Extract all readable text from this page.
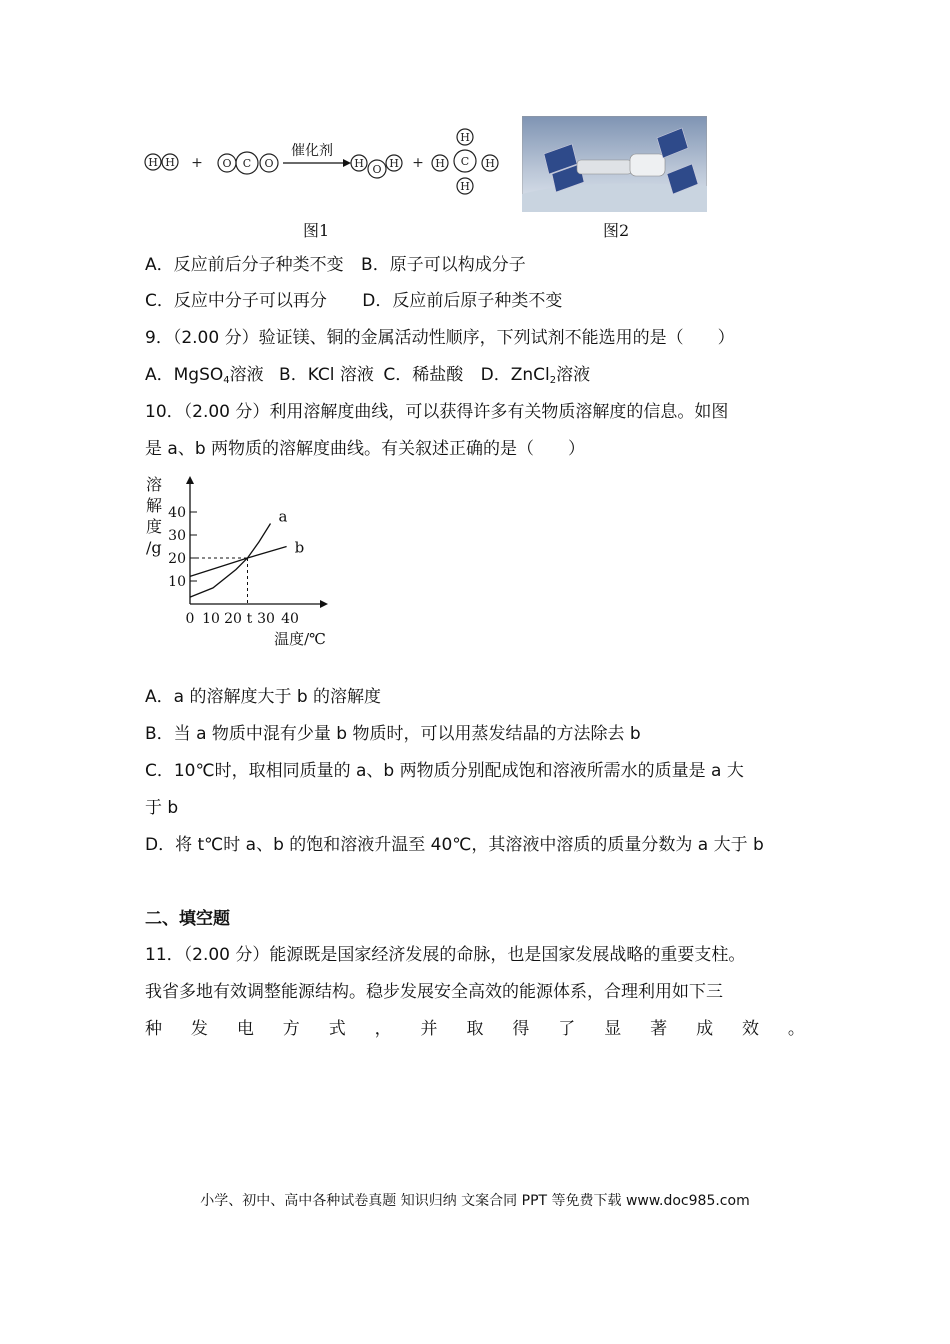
H H	O C O	H O H
H
H C H
H
+	+
催化剂
图1	图2
A．反应前后分子种类不变 B．原子可以构成分子
C．反应中分子可以再分 D．反应前后原子种类不变
9．（2.00 分）验证镁、铜的金属活动性顺序，下列试剂不能选用的是（　　）
A．MgSO$_4$溶液 B．KCl 溶液 C．稀盐酸 D．ZnCl$_2$溶液
10．（2.00 分）利用溶解度曲线，可以获得许多有关物质溶解度的信息。如图
是 a、b 两物质的溶解度曲线。有关叙述正确的是（　　）
溶
解
度
/g
10
20
30
40
0 10 20 t 30 40
a
b
温度/℃
A．a 的溶解度大于 b 的溶解度
B．当 a 物质中混有少量 b 物质时，可以用蒸发结晶的方法除去 b
C．10℃时，取相同质量的 a、b 两物质分别配成饱和溶液所需水的质量是 a 大
于 b
D．将 t℃时 a、b 的饱和溶液升温至 40℃，其溶液中溶质的质量分数为 a 大于 b
二、填空题
11．（2.00 分）能源既是国家经济发展的命脉，也是国家发展战略的重要支柱。
我省多地有效调整能源结构。稳步发展安全高效的能源体系，合理利用如下三
种 发 电 方 式 ， 并 取 得 了 显 著 成 效 。
小学、初中、高中各种试卷真题 知识归纳 文案合同 PPT 等免费下载 www.doc985.com
